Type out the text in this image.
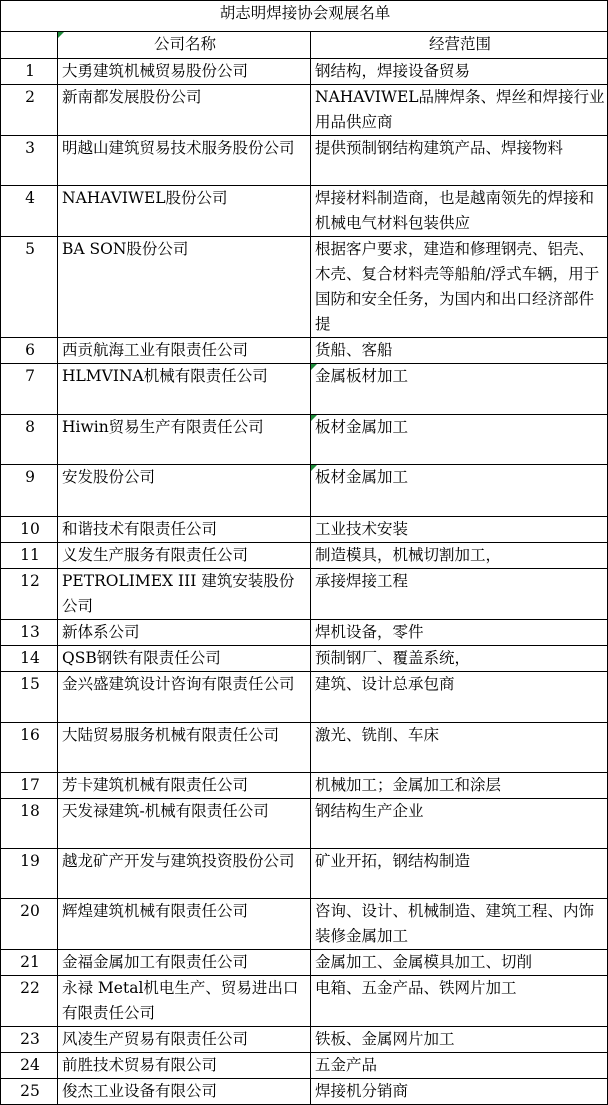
胡志明焊接协会观展名单		
	公司名称	经营范围
1	大勇建筑机械贸易股份公司	钢结构，焊接设备贸易
2	新南都发展股份公司	NAHAVIWEL品牌焊条、焊丝和焊接行业用品供应商
3	明越山建筑贸易技术服务股份公司	提供预制钢结构建筑产品、焊接物料
4	NAHAVIWEL股份公司	焊接材料制造商，也是越南领先的焊接和机械电气材料包装供应
5	BA SON股份公司	根据客户要求，建造和修理钢壳、铝壳、木壳、复合材料壳等船舶/浮式车辆，用于国防和安全任务，为国内和出口经济部件提
6	西贡航海工业有限责任公司	货船、客船
7	HLMVINA机械有限责任公司	金属板材加工
8	Hiwin贸易生产有限责任公司	板材金属加工
9	安发股份公司	板材金属加工
10	和谐技术有限责任公司	工业技术安装
11	义发生产服务有限责任公司	制造模具，机械切割加工，
12	PETROLIMEX III 建筑安装股份公司	承接焊接工程
13	新体系公司	焊机设备，零件
14	QSB钢铁有限责任公司	预制钢厂、覆盖系统，
15	金兴盛建筑设计咨询有限责任公司	建筑、设计总承包商
16	大陆贸易服务机械有限责任公司	激光、铣削、车床
17	芳卡建筑机械有限责任公司	机械加工；金属加工和涂层
18	天发禄建筑-机械有限责任公司	钢结构生产企业
19	越龙矿产开发与建筑投资股份公司	矿业开拓，钢结构制造
20	辉煌建筑机械有限责任公司	咨询、设计、机械制造、建筑工程、内饰装修金属加工
21	金福金属加工有限责任公司	金属加工、金属模具加工、切削
22	永禄 Metal机电生产、贸易进出口有限责任公司	电箱、五金产品、铁网片加工
23	风凌生产贸易有限责任公司	铁板、金属网片加工
24	前胜技术贸易有限公司	五金产品
25	俊杰工业设备有限公司	焊接机分销商
